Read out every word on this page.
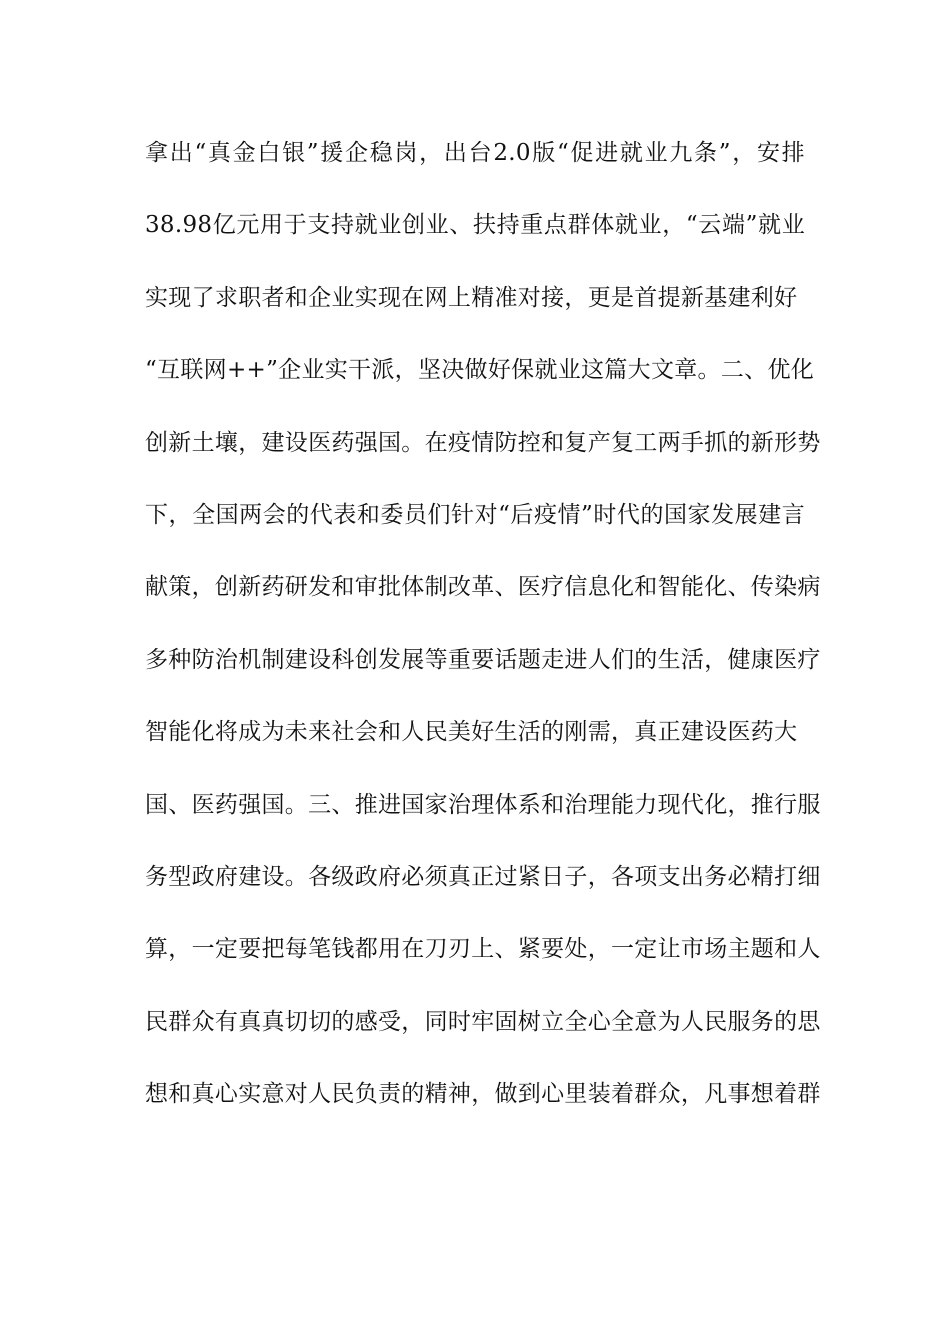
拿出“真金白银”援企稳岗，出台2.0版“促进就业九条”，安排
38.98亿元用于支持就业创业、扶持重点群体就业，“云端”就业
实现了求职者和企业实现在网上精准对接，更是首提新基建利好
“互联网++”企业实干派，坚决做好保就业这篇大文章。二、优化
创新土壤，建设医药强国。在疫情防控和复产复工两手抓的新形势
下，全国两会的代表和委员们针对“后疫情”时代的国家发展建言
献策，创新药研发和审批体制改革、医疗信息化和智能化、传染病
多种防治机制建设科创发展等重要话题走进人们的生活，健康医疗
智能化将成为未来社会和人民美好生活的刚需，真正建设医药大
国、医药强国。三、推进国家治理体系和治理能力现代化，推行服
务型政府建设。各级政府必须真正过紧日子，各项支出务必精打细
算，一定要把每笔钱都用在刀刃上、紧要处，一定让市场主题和人
民群众有真真切切的感受，同时牢固树立全心全意为人民服务的思
想和真心实意对人民负责的精神，做到心里装着群众，凡事想着群
